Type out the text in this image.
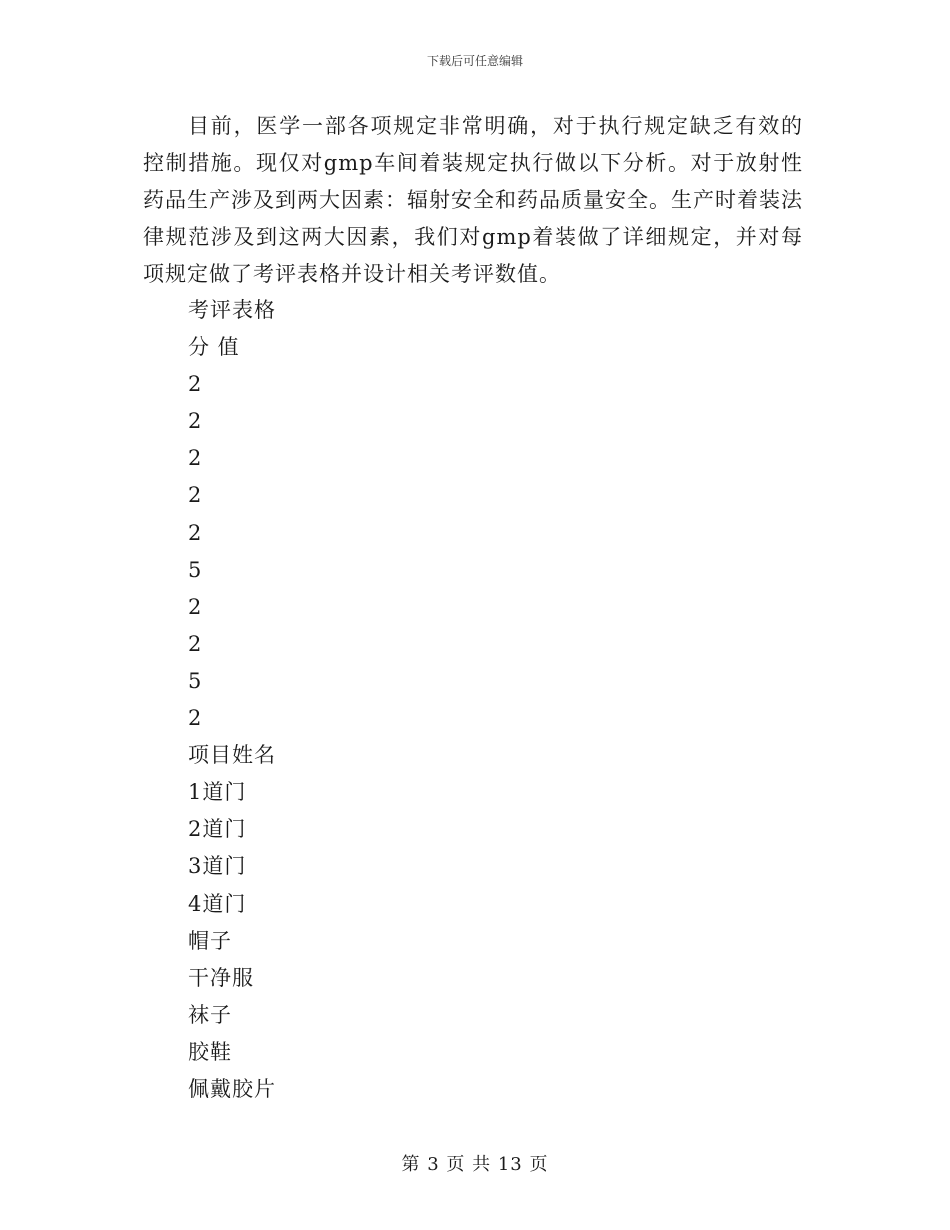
下载后可任意编辑

目前，医学一部各项规定非常明确，对于执行规定缺乏有效的控制措施。现仅对gmp车间着装规定执行做以下分析。对于放射性药品生产涉及到两大因素：辐射安全和药品质量安全。生产时着装法律规范涉及到这两大因素，我们对gmp着装做了详细规定，并对每项规定做了考评表格并设计相关考评数值。

考评表格
分 值
2
2
2
2
2
5
2
2
5
2
项目姓名
1道门
2道门
3道门
4道门
帽子
干净服
袜子
胶鞋
佩戴胶片
第 3 页 共 13 页
